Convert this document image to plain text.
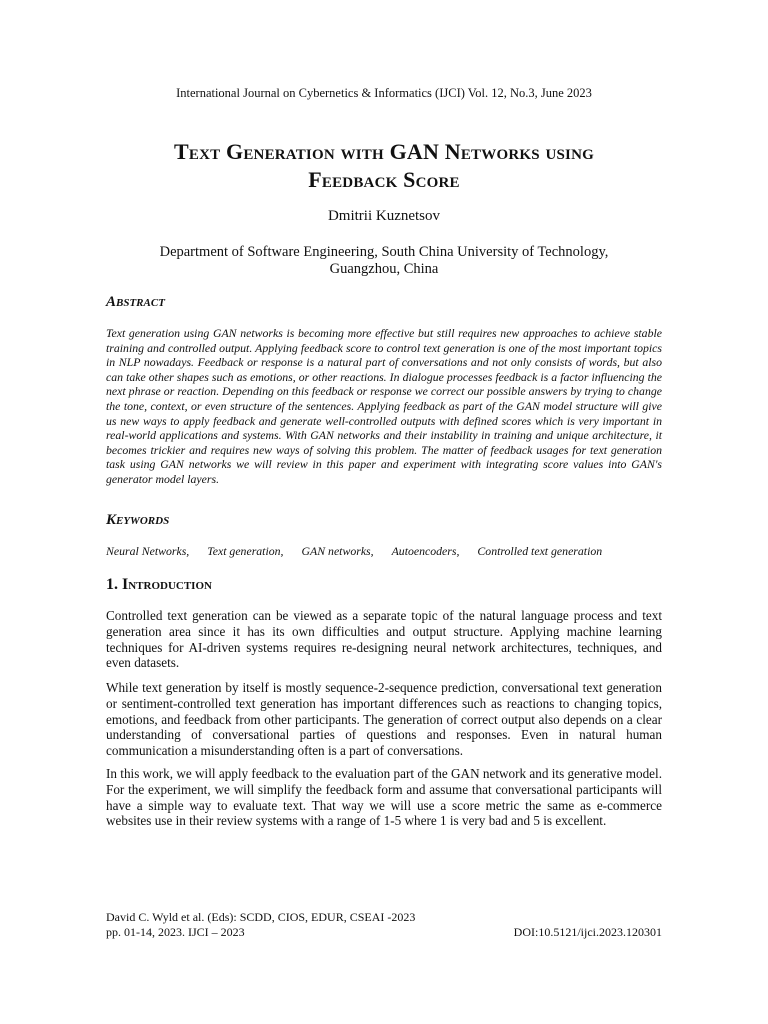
International Journal on Cybernetics & Informatics (IJCI) Vol. 12, No.3, June 2023
Text Generation with GAN Networks using
Feedback Score
Dmitrii Kuznetsov
Department of Software Engineering, South China University of Technology,
Guangzhou, China
Abstract
Text generation using GAN networks is becoming more effective but still requires new approaches to achieve stable training and controlled output. Applying feedback score to control text generation is one of the most important topics in NLP nowadays. Feedback or response is a natural part of conversations and not only consists of words, but also can take other shapes such as emotions, or other reactions. In dialogue processes feedback is a factor influencing the next phrase or reaction. Depending on this feedback or response we correct our possible answers by trying to change the tone, context, or even structure of the sentences. Applying feedback as part of the GAN model structure will give us new ways to apply feedback and generate well-controlled outputs with defined scores which is very important in real-world applications and systems. With GAN networks and their instability in training and unique architecture, it becomes trickier and requires new ways of solving this problem. The matter of feedback usages for text generation task using GAN networks we will review in this paper and experiment with integrating score values into GAN's generator model layers.
Keywords
Neural Networks, Text generation, GAN networks, Autoencoders, Controlled text generation
1. Introduction
Controlled text generation can be viewed as a separate topic of the natural language process and text generation area since it has its own difficulties and output structure. Applying machine learning techniques for AI-driven systems requires re-designing neural network architectures, techniques, and even datasets.
While text generation by itself is mostly sequence-2-sequence prediction, conversational text generation or sentiment-controlled text generation has important differences such as reactions to changing topics, emotions, and feedback from other participants. The generation of correct output also depends on a clear understanding of conversational parties of questions and responses. Even in natural human communication a misunderstanding often is a part of conversations.
In this work, we will apply feedback to the evaluation part of the GAN network and its generative model. For the experiment, we will simplify the feedback form and assume that conversational participants will have a simple way to evaluate text. That way we will use a score metric the same as e-commerce websites use in their review systems with a range of 1-5 where 1 is very bad and 5 is excellent.
David C. Wyld et al. (Eds): SCDD, CIOS, EDUR, CSEAI -2023
pp. 01-14, 2023. IJCI – 2023	DOI:10.5121/ijci.2023.120301
